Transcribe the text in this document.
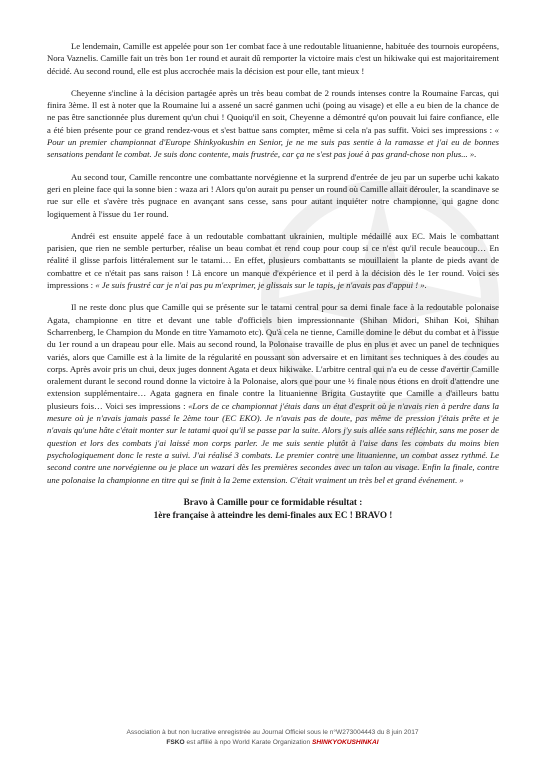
Le lendemain, Camille est appelée pour son 1er combat face à une redoutable lituanienne, habituée des tournois européens, Nora Vaznelis. Camille fait un très bon 1er round et aurait dû remporter la victoire mais c'est un hikiwake qui est majoritairement décidé. Au second round, elle est plus accrochée mais la décision est pour elle, tant mieux !

Cheyenne s'incline à la décision partagée après un très beau combat de 2 rounds intenses contre la Roumaine Farcas, qui finira 3ème. Il est à noter que la Roumaine lui a assené un sacré ganmen uchi (poing au visage) et elle a eu bien de la chance de ne pas être sanctionnée plus durement qu'un chui ! Quoiqu'il en soit, Cheyenne a démontré qu'on pouvait lui faire confiance, elle a été bien présente pour ce grand rendez-vous et s'est battue sans compter, même si cela n'a pas suffit. Voici ses impressions : « Pour un premier championnat d'Europe Shinkyokushin en Senior, je ne me suis pas sentie à la ramasse et j'ai eu de bonnes sensations pendant le combat. Je suis donc contente, mais frustrée, car ça ne s'est pas joué à pas grand-chose non plus... ».

Au second tour, Camille rencontre une combattante norvégienne et la surprend d'entrée de jeu par un superbe uchi kakato geri en pleine face qui la sonne bien : waza ari ! Alors qu'on aurait pu penser un round où Camille allait dérouler, la scandinave se rue sur elle et s'avère très pugnace en avançant sans cesse, sans pour autant inquiéter notre championne, qui gagne donc logiquement à l'issue du 1er round.

Andréi est ensuite appelé face à un redoutable combattant ukrainien, multiple médaillé aux EC. Mais le combattant parisien, que rien ne semble perturber, réalise un beau combat et rend coup pour coup si ce n'est qu'il recule beaucoup… En réalité il glisse parfois littéralement sur le tatami… En effet, plusieurs combattants se mouillaient la plante de pieds avant de combattre et ce n'était pas sans raison ! Là encore un manque d'expérience et il perd à la décision dès le 1er round. Voici ses impressions : « Je suis frustré car je n'ai pas pu m'exprimer, je glissais sur le tapis, je n'avais pas d'appui ! ».

Il ne reste donc plus que Camille qui se présente sur le tatami central pour sa demi finale face à la redoutable polonaise Agata, championne en titre et devant une table d'officiels bien impressionnante (Shihan Midori, Shihan Koi, Shihan Scharrenberg, le Champion du Monde en titre Yamamoto etc). Qu'à cela ne tienne, Camille domine le début du combat et à l'issue du 1er round a un drapeau pour elle. Mais au second round, la Polonaise travaille de plus en plus et avec un panel de techniques variés, alors que Camille est à la limite de la régularité en poussant son adversaire et en limitant ses techniques à des coudes au corps. Après avoir pris un chui, deux juges donnent Agata et deux hikiwake. L'arbitre central qui n'a eu de cesse d'avertir Camille oralement durant le second round donne la victoire à la Polonaise, alors que pour une ½ finale nous étions en droit d'attendre une extension supplémentaire… Agata gagnera en finale contre la lituanienne Brigita Gustaytite que Camille a d'ailleurs battu plusieurs fois… Voici ses impressions : «Lors de ce championnat j'étais dans un état d'esprit où je n'avais rien à perdre dans la mesure où je n'avais jamais passé le 2ème tour (EC EKO). Je n'avais pas de doute, pas même de pression j'étais prête et je n'avais qu'une hâte c'était monter sur le tatami quoi qu'il se passe par la suite. Alors j'y suis allée sans réfléchir, sans me poser de question et lors des combats j'ai laissé mon corps parler. Je me suis sentie plutôt à l'aise dans les combats du moins bien psychologiquement donc le reste a suivi. J'ai réalisé 3 combats. Le premier contre une lituanienne, un combat assez rythmé. Le second contre une norvégienne ou je place un wazari dès les premières secondes avec un talon au visage. Enfin la finale, contre une polonaise la championne en titre qui se finit à la 2eme extension. C'était vraiment un très bel et grand événement. »

Bravo à Camille pour ce formidable résultat :
1ère française à atteindre les demi-finales aux EC ! BRAVO !
Association à but non lucrative enregistrée au Journal Officiel sous le n°W273004443 du 8 juin 2017
FSKO est affilié à npo World Karate Organization SHINKYOKUSHINKAI
